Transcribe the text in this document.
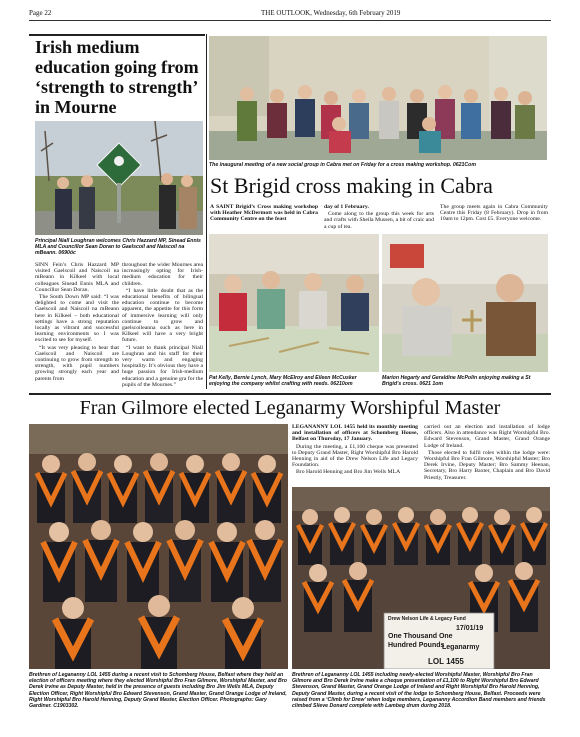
Page 22	THE OUTLOOK, Wednesday, 6th February 2019
Irish medium education going from ‘strength to strength’ in Mourne
Principal Niall Loughran welcomes Chris Hazzard MP, Sinead Ennis MLA and Councillor Sean Doran to Gaelscoil and Naiscoil na mBeann. 0690öc

SINN Fein’s Chris Hazzard MP visited Gaelscoil and Naiscoil na mBeann in Kilkeel with local colleagues Sinead Ennis MLA and Councillor Sean Doran.

The South Down MP said: “I was delighted to come and visit the Gaelscoil and Naiscoil na mBeann here in Kilkeel – both educational settings have a strong reputation locally as vibrant and successful learning environments so I was excited to see for myself.

“It was very pleasing to hear that Gaelscoil and Naiscoil are continuing to grow from strength to strength, with pupil numbers growing strongly each year and parents from

throughout the wider Mournes area increasingly opting for Irish-medium education for their children.

“I have little doubt that as the educational benefits of bilingual education continue to become apparent, the appetite for this form of immersive learning will only continue to grow and gaelscoileanna such as here in Kilkeel will have a very bright future.

“I want to thank principal Niall Loughran and his staff for their very warm and engaging hospitality. It’s obvious they have a huge passion for Irish-medium education and a genuine gra for the pupils of the Mournes.”

The inaugural meeting of a new social group in Cabra met on Friday for a cross making workshop. 0621Com
St Brigid cross making in Cabra

A SAINT Brigid’s Cross making workshop with Heather McDermott was held in Cabra Community Centre on the feast

day of 1 February.

Come along to the group this week for arts and crafts with Sheila Mussen, a bit of craic and a cup of tea.

The group meets again in Cabra Community Centre this Friday (8 February). Drop in from 10am to 12pm. Cost £5. Everyone welcome.

Pat Kelly, Bernie Lynch, Mary McElroy and Eileen McCusker enjoying the company whilst crafting with reeds. 06210om
Marion Hegarty and Geraldine McPolin enjoying making a St Brigid’s cross. 0621 1om
Fran Gilmore elected Leganarmy Worshipful Master

LEGANANNY LOL 1455 held its monthly meeting and installation of officers at Schomberg House, Belfast on Thursday, 17 January.

During the meeting, a £1,100 cheque was presented to Deputy Grand Master, Right Worshipful Bro Harold Henning in aid of the Drew Nelson Life and Legacy Foundation.

Bro Harold Henning and Bro Jim Wells MLA

carried out an election and installation of lodge officers. Also in attendance was Right Worshipful Bro. Edward Stevenson, Grand Master, Grand Orange Lodge of Ireland.

Those elected to fulfil roles within the lodge were: Worshipful Bro Fran Gilmore, Worshipful Master; Bro Derek Irvine, Deputy Master; Bro Sammy Heenan, Secretary, Bro Harry Baxter, Chaplain and Bro David Priestly, Treasurer.

Drew Nelson Life & Legacy Fund
17/01/19
One Thousand One
Hundred Pounds
Leganarmy
LOL 1455
Brethren of Legananny LOL 1455 during a recent visit to Schomberg House, Belfast where they held an election of officers meeting where they elected Worshipful Bro Fran Gilmore, Worshipful Master, and Bro Derek Irvine as Deputy Master, held in the presence of guests including Bro Jim Wells MLA, Deputy Election Officer, Right Worshipful Bro Edward Stevenson, Grand Master, Grand Orange Lodge of Ireland, Right Worshipful Bro Harold Henning, Deputy Grand Master, Election Officer. Photographs: Gary Gardiner. C1903302.
Brethren of Legananny LOL 1455 including newly-elected Worshipful Master, Worshipful Bro Fran Gilmore and Bro Derek Irvine make a cheque presentation of £1,100 to Right Worshipful Bro Edward Stevenson, Grand Master, Grand Orange Lodge of Ireland and Right Worshipful Bro Harold Henning, Deputy Grand Master, during a recent visit of the lodge to Schomberg House, Belfast. Proceeds were raised from a ‘Climb for Drew’ when lodge members, Legananny Accordion Band members and friends climbed Slieve Donard complete with Lambeg drum during 2018.
